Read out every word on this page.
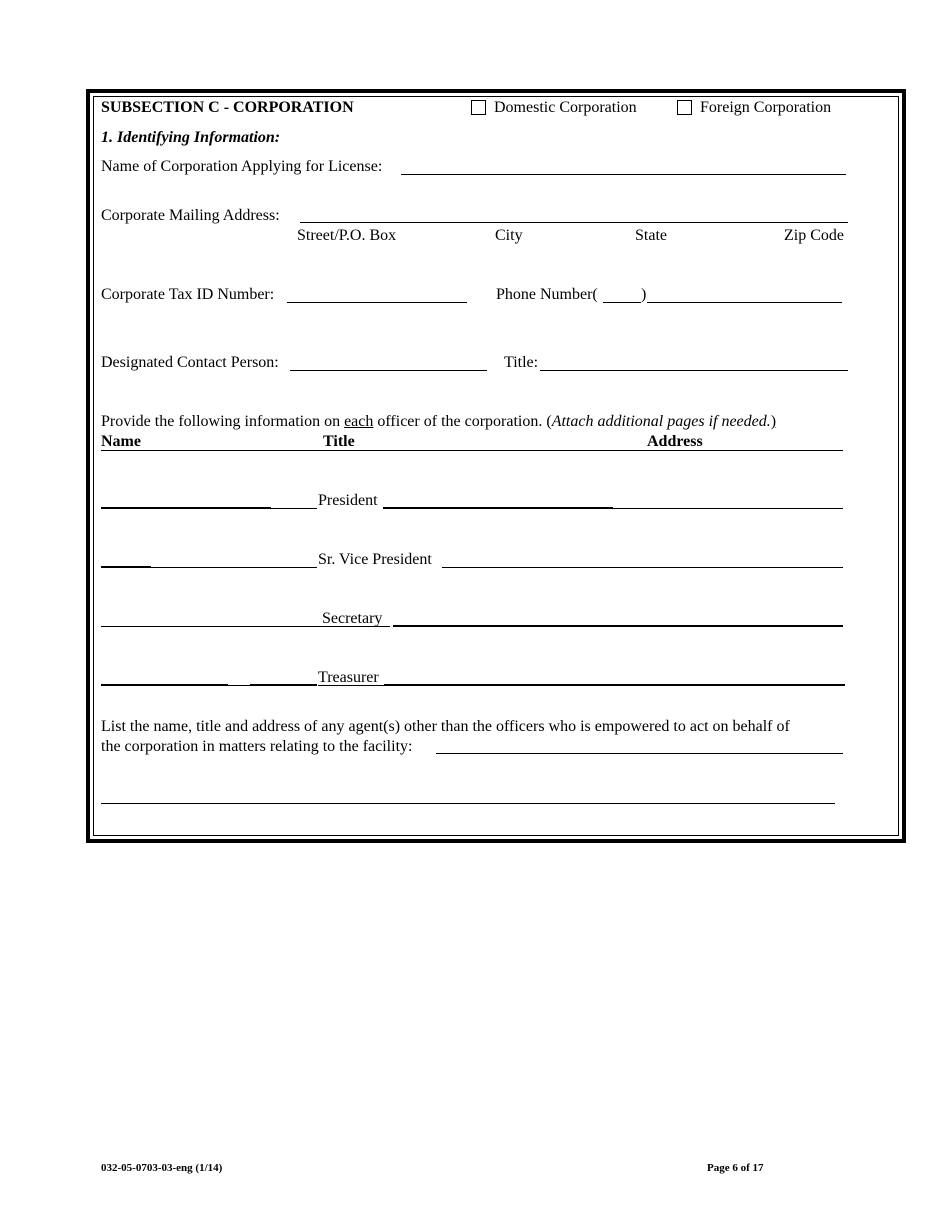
SUBSECTION C - CORPORATION	Domestic Corporation	Foreign Corporation
1. Identifying Information:
Name of Corporation Applying for License:
Corporate Mailing Address:
Street/P.O. Box	City	State	Zip Code
Corporate Tax ID Number:	Phone Number(	)
Designated Contact Person:	Title:
Provide the following information on each officer of the corporation. (Attach additional pages if needed.)
Name	Title	Address
President
Sr. Vice President
Secretary
Treasurer
List the name, title and address of any agent(s) other than the officers who is empowered to act on behalf of
the corporation in matters relating to the facility:
032-05-0703-03-eng (1/14)	Page 6 of 17
